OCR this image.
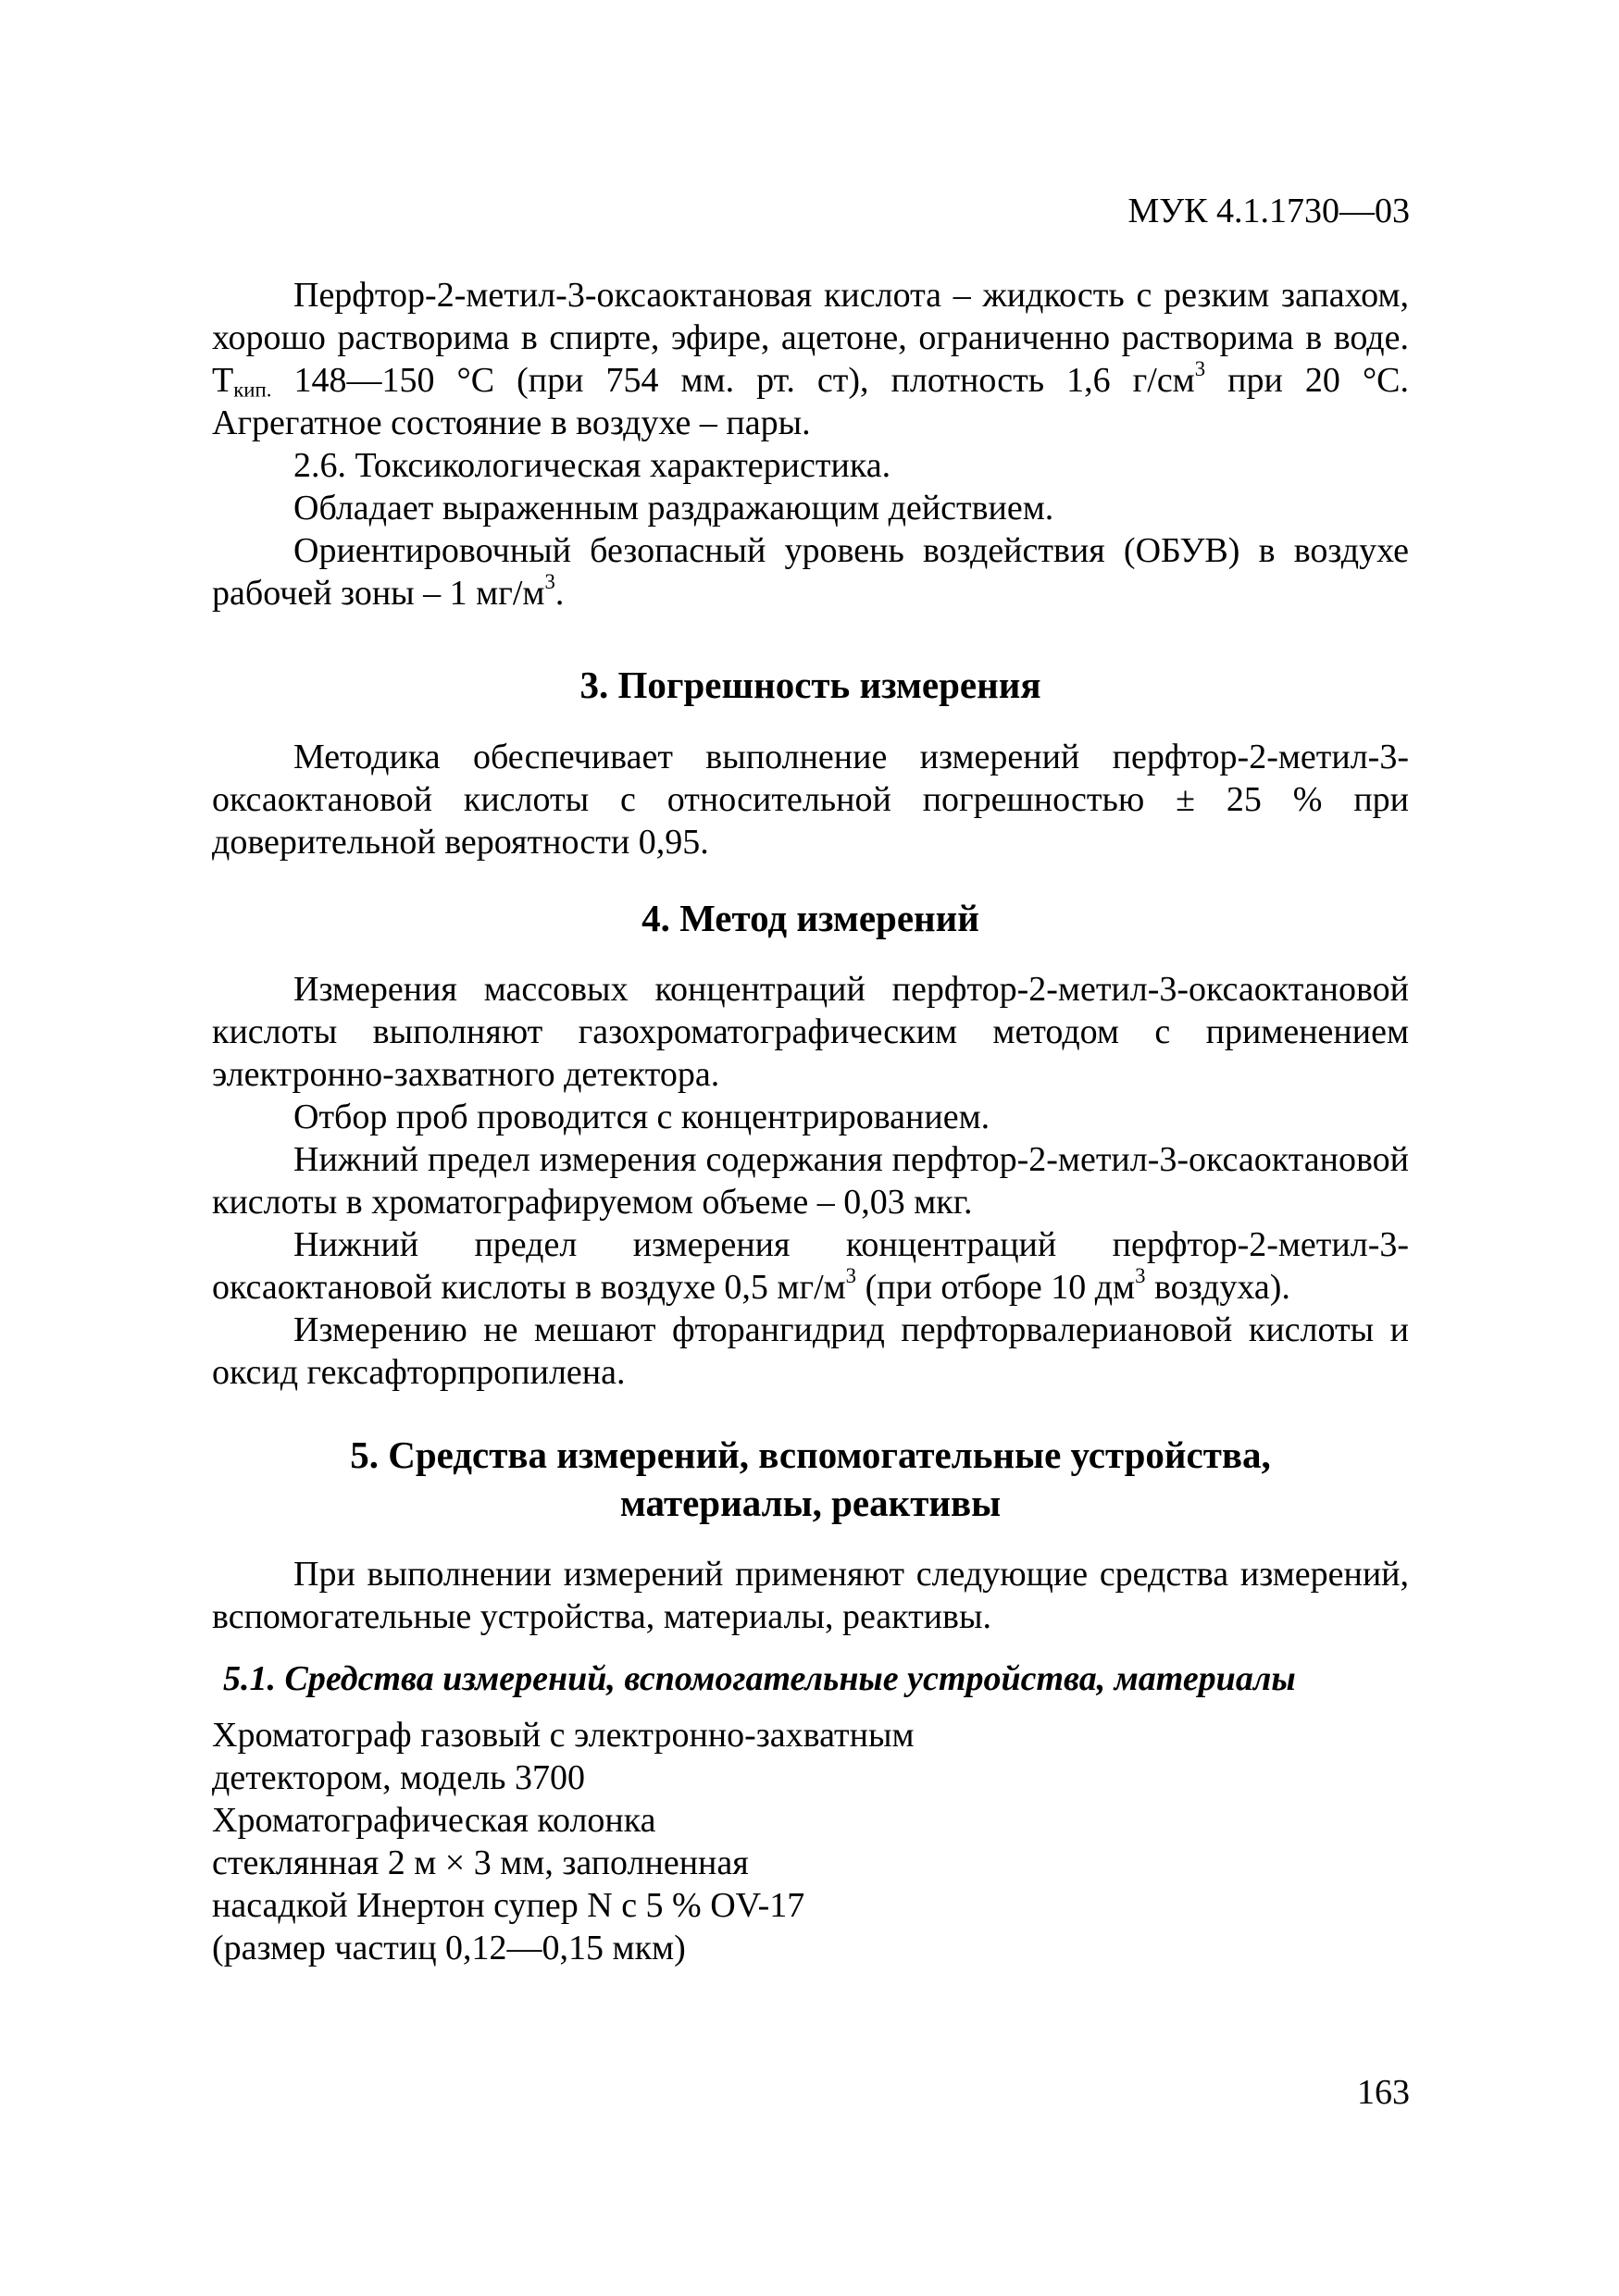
МУК 4.1.1730—03

Перфтор-2-метил-3-оксаоктановая кислота – жидкость с резким запахом, хорошо растворима в спирте, эфире, ацетоне, ограниченно растворима в воде. $Т_{кип.}$ 148—150 °С (при 754 мм. рт. ст), плотность 1,6 $г/см^3$ при 20 °С. Агрегатное состояние в воздухе – пары.

2.6. Токсикологическая характеристика.

Обладает выраженным раздражающим действием.

Ориентировочный безопасный уровень воздействия (ОБУВ) в воздухе рабочей зоны – 1 $мг/м^3$.

3. Погрешность измерения

Методика обеспечивает выполнение измерений перфтор-2-метил-3-оксаоктановой кислоты с относительной погрешностью ± 25 % при доверительной вероятности 0,95.

4. Метод измерений

Измерения массовых концентраций перфтор-2-метил-3-оксаоктановой кислоты выполняют газохроматографическим методом с применением электронно-захватного детектора.

Отбор проб проводится с концентрированием.

Нижний предел измерения содержания перфтор-2-метил-3-оксаоктановой кислоты в хроматографируемом объеме – 0,03 мкг.

Нижний предел измерения концентраций перфтор-2-метил-3-оксаоктановой кислоты в воздухе 0,5 $мг/м^3$ (при отборе 10 $дм^3$ воздуха).

Измерению не мешают фторангидрид перфторвалериановой кислоты и оксид гексафторпропилена.

5. Средства измерений, вспомогательные устройства,
материалы, реактивы

При выполнении измерений применяют следующие средства измерений, вспомогательные устройства, материалы, реактивы.

5.1. Средства измерений, вспомогательные устройства, материалы
Хроматограф газовый с электронно-захватным
детектором, модель 3700
Хроматографическая колонка
стеклянная 2 м × 3 мм, заполненная
насадкой Инертон супер N с 5 % OV-17
(размер частиц 0,12—0,15 мкм)
163
